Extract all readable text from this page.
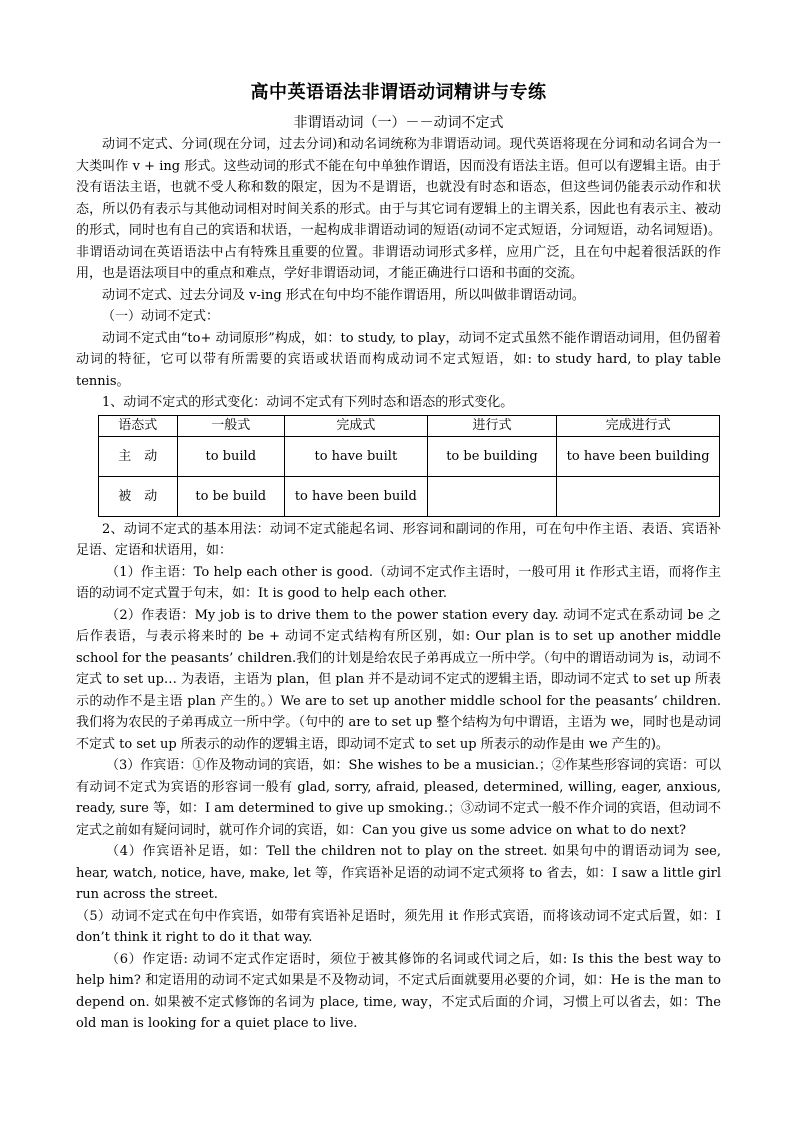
高中英语语法非谓语动词精讲与专练
非谓语动词（一）－－动词不定式

动词不定式、分词(现在分词，过去分词)和动名词统称为非谓语动词。现代英语将现在分词和动名词合为一大类叫作 v + ing 形式。这些动词的形式不能在句中单独作谓语，因而没有语法主语。但可以有逻辑主语。由于没有语法主语，也就不受人称和数的限定，因为不是谓语，也就没有时态和语态，但这些词仍能表示动作和状态，所以仍有表示与其他动词相对时间关系的形式。由于与其它词有逻辑上的主谓关系，因此也有表示主、被动的形式，同时也有自己的宾语和状语，一起构成非谓语动词的短语(动词不定式短语，分词短语，动名词短语)。非谓语动词在英语语法中占有特殊且重要的位置。非谓语动词形式多样，应用广泛，且在句中起着很活跃的作用，也是语法项目中的重点和难点，学好非谓语动词，才能正确进行口语和书面的交流。

动词不定式、过去分词及 v-ing 形式在句中均不能作谓语用，所以叫做非谓语动词。

（一）动词不定式：

动词不定式由“to+ 动词原形”构成，如：to study, to play，动词不定式虽然不能作谓语动词用，但仍留着动词的特征，它可以带有所需要的宾语或状语而构成动词不定式短语，如: to study hard, to play table tennis。

1、动词不定式的形式变化：动词不定式有下列时态和语态的形式变化。

语态式	一般式	完成式	进行式	完成进行式
主　动	to build	to have built	to be building	to have been building
被　动	to be build	to have been build		

2、动词不定式的基本用法：动词不定式能起名词、形容词和副词的作用，可在句中作主语、表语、宾语补足语、定语和状语用，如：

（1）作主语：To help each other is good.（动词不定式作主语时，一般可用 it 作形式主语，而将作主语的动词不定式置于句末，如：It is good to help each other.

（2）作表语：My job is to drive them to the power station every day. 动词不定式在系动词 be 之后作表语，与表示将来时的 be + 动词不定式结构有所区别，如: Our plan is to set up another middle school for the peasants’ children.我们的计划是给农民子弟再成立一所中学。（句中的谓语动词为 is，动词不定式 to set up… 为表语，主语为 plan，但 plan 并不是动词不定式的逻辑主语，即动词不定式 to set up 所表示的动作不是主语 plan 产生的。）We are to set up another middle school for the peasants’ children.我们将为农民的子弟再成立一所中学。（句中的 are to set up 整个结构为句中谓语，主语为 we，同时也是动词不定式 to set up 所表示的动作的逻辑主语，即动词不定式 to set up 所表示的动作是由 we 产生的)。

（3）作宾语：①作及物动词的宾语，如：She wishes to be a musician.；②作某些形容词的宾语：可以有动词不定式为宾语的形容词一般有 glad, sorry, afraid, pleased, determined, willing, eager, anxious, ready, sure 等，如：I am determined to give up smoking.；③动词不定式一般不作介词的宾语，但动词不定式之前如有疑问词时，就可作介词的宾语，如：Can you give us some advice on what to do next?

（4）作宾语补足语，如：Tell the children not to play on the street. 如果句中的谓语动词为 see, hear, watch, notice, have, make, let 等，作宾语补足语的动词不定式须将 to 省去，如：I saw a little girl run across the street.

（5）动词不定式在句中作宾语，如带有宾语补足语时，须先用 it 作形式宾语，而将该动词不定式后置，如：I don’t think it right to do it that way.

（6）作定语: 动词不定式作定语时，须位于被其修饰的名词或代词之后，如: Is this the best way to help him? 和定语用的动词不定式如果是不及物动词，不定式后面就要用必要的介词，如：He is the man to depend on. 如果被不定式修饰的名词为 place, time, way，不定式后面的介词，习惯上可以省去，如：The old man is looking for a quiet place to live.
